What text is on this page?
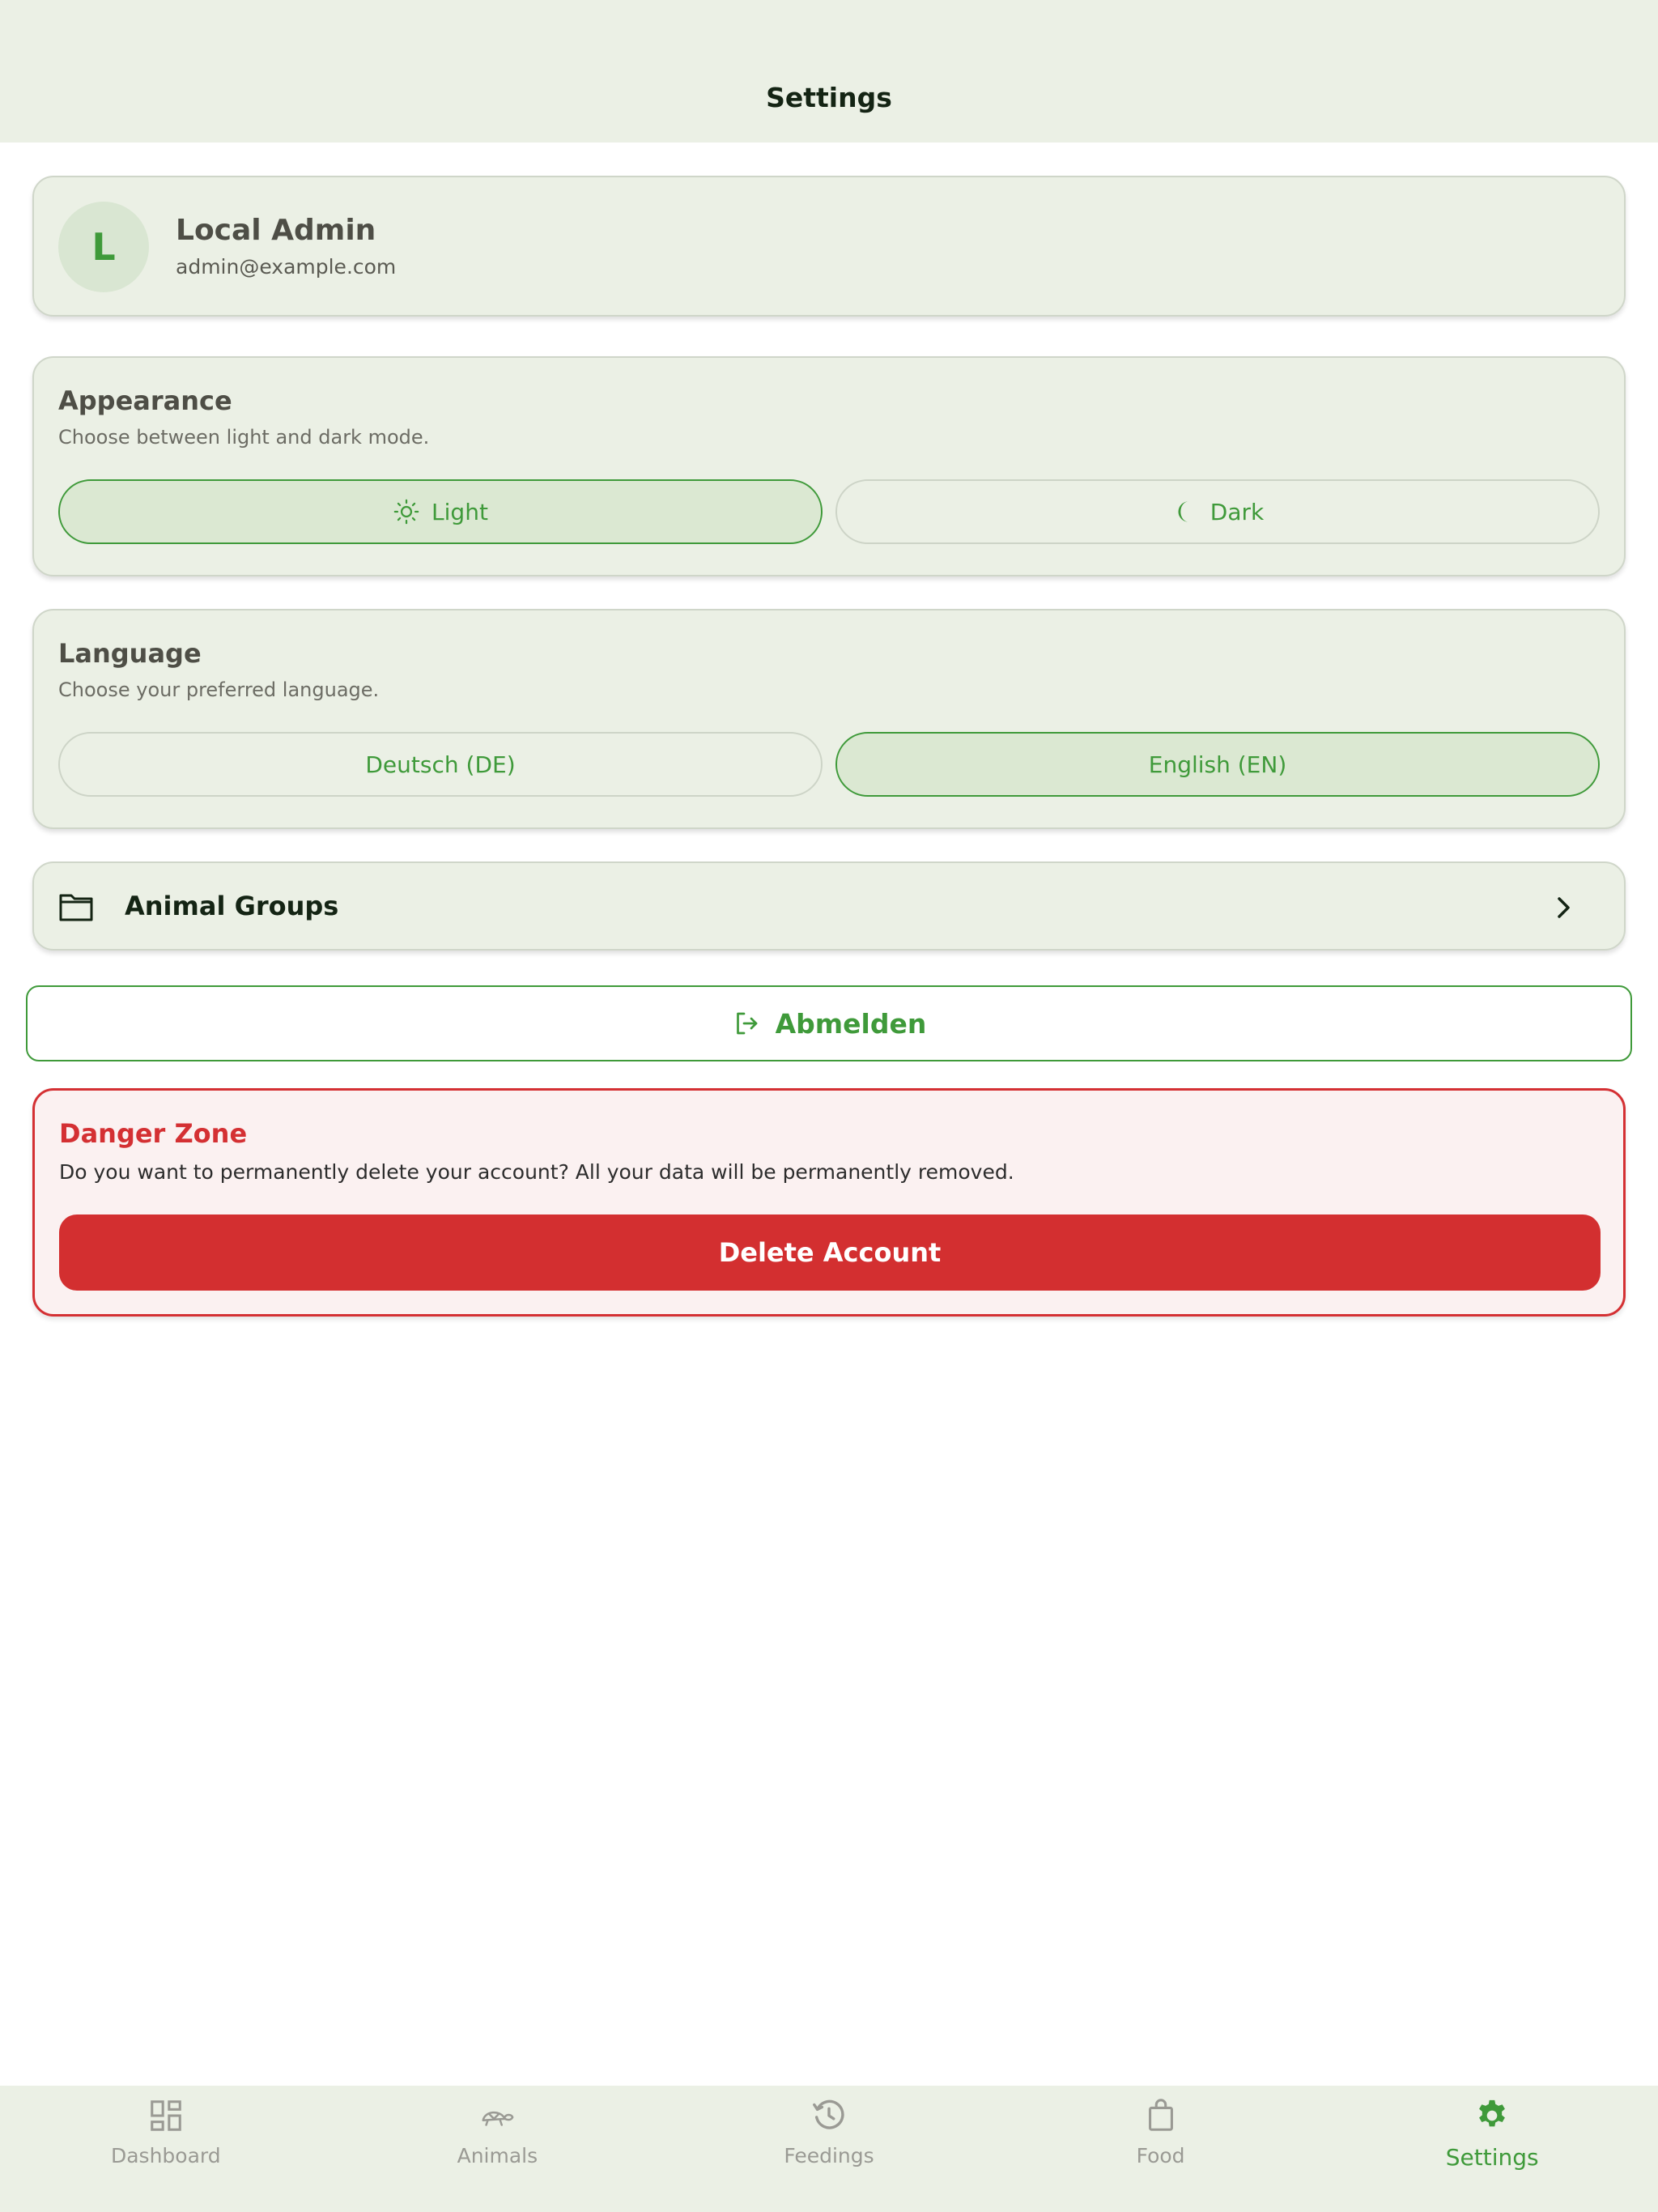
Settings
L	Local Admin
admin@example.com
Appearance
Choose between light and dark mode.
Light	Dark
Language
Choose your preferred language.
Deutsch (DE)	English (EN)
Animal Groups
Abmelden
Danger Zone
Do you want to permanently delete your account? All your data will be permanently removed.
Delete Account
Dashboard	Animals	Feedings	Food	Settings
